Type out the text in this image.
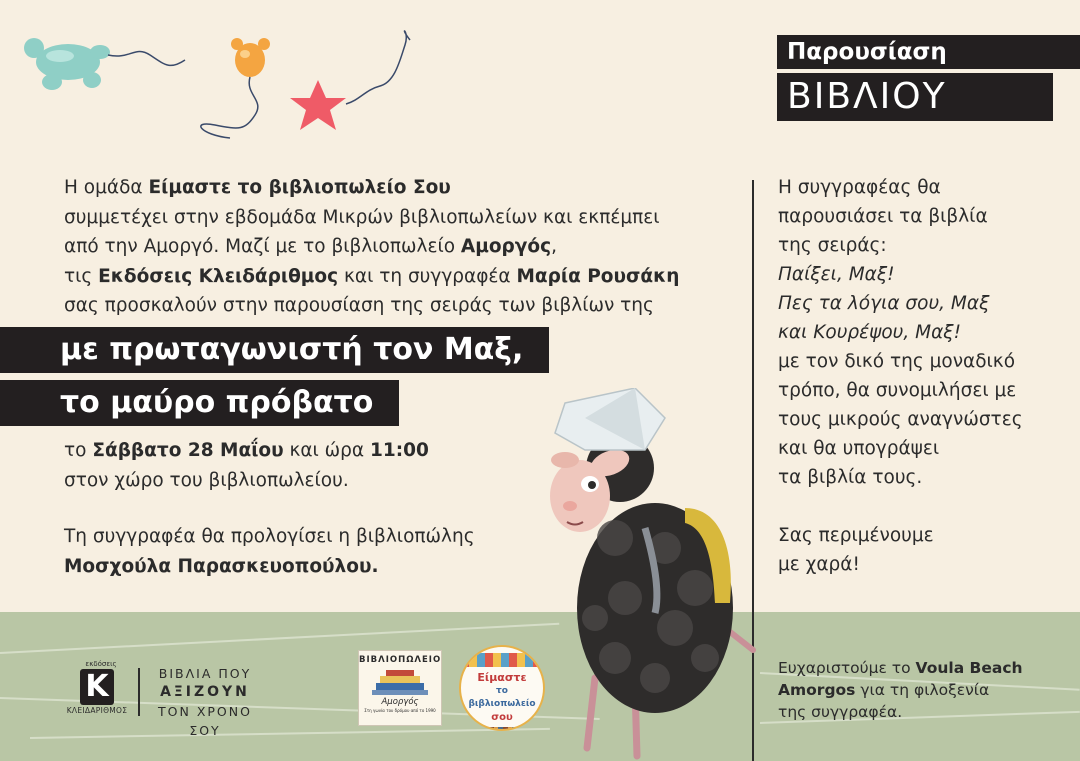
Παρουσίαση
ΒΙΒΛΙΟΥ

Η ομάδα Είμαστε το βιβλιοπωλείο Σου

συμμετέχει στην εβδομάδα Μικρών βιβλιοπωλείων και εκπέμπει

από την Αμοργό. Μαζί με το βιβλιοπωλείο Αμοργός,

τις Εκδόσεις Κλειδάριθμος και τη συγγραφέα Μαρία Ρουσάκη

σας προσκαλούν στην παρουσίαση της σειράς των βιβλίων της

με πρωταγωνιστή τον Μαξ,
το μαύρο πρόβατο

το Σάββατο 28 Μαΐου και ώρα 11:00

στον χώρο του βιβλιοπωλείου.

Τη συγγραφέα θα προλογίσει η βιβλιοπώλης

Μοσχούλα Παρασκευοπούλου.

Η συγγραφέας θα

παρουσιάσει τα βιβλία

της σειράς:

Παίξει, Μαξ!

Πες τα λόγια σου, Μαξ

και Κουρέψου, Μαξ!

με τον δικό της μοναδικό

τρόπο, θα συνομιλήσει με

τους μικρούς αναγνώστες

και θα υπογράψει

τα βιβλία τους.

Σας περιμένουμε

με χαρά!

Ευχαριστούμε το Voula Beach

Amorgos για τη φιλοξενία

της συγγραφέα.

εκδόσεις
K
ΚΛΕΙΔΑΡΙΘΜΟΣ

ΒΙΒΛΙΑ ΠΟΥ

ΑΞΙΖΟΥΝ

ΤΟΝ ΧΡΟΝΟ ΣΟΥ

ΒΙΒΛΙΟΠΩΛΕΙΟ
Αμοργός
Στη γωνία του δρόμου από το 1990
Είμαστε
το βιβλιοπωλείο
σου
